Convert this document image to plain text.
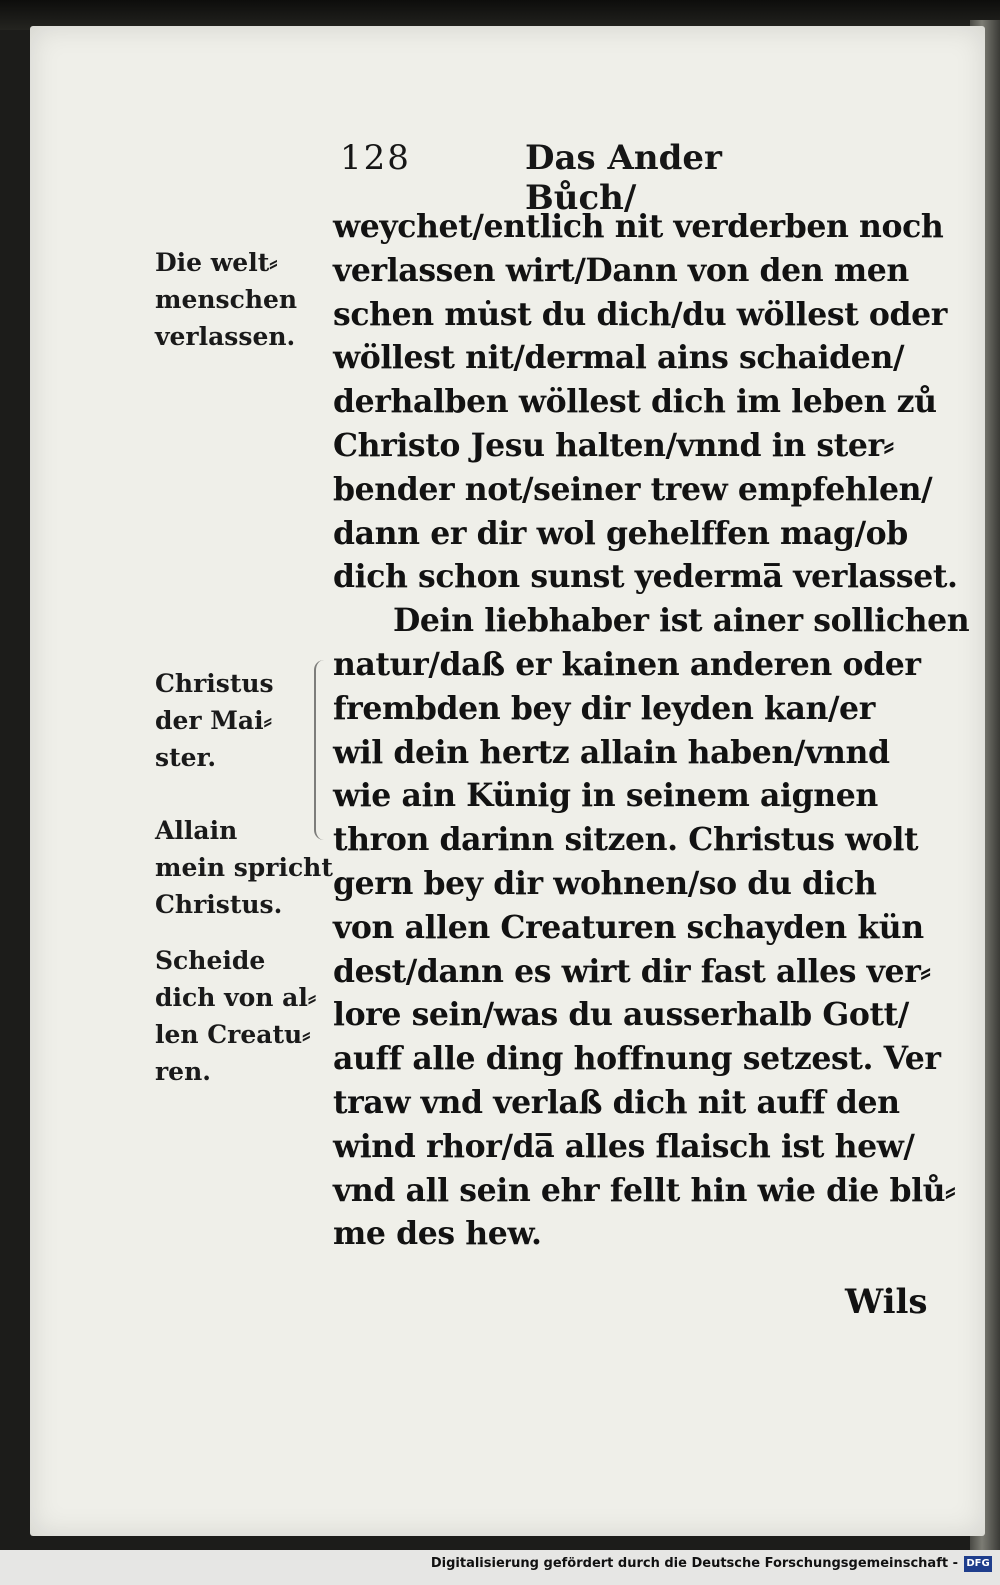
128	Das Ander Bůch/
weychet/entlich nit verderben noch
verlassen wirt/Dann von den men
schen mu̇st du dich/du wöllest oder
wöllest nit/dermal ains schaiden/
derhalben wöllest dich im leben zů
Christo Jesu halten/vnnd in ster⸗
bender not/seiner trew empfehlen/
dann er dir wol gehelffen mag/ob
dich schon sunst yederma̅ verlasset.
Dein liebhaber ist ainer sollichen
natur/daß er kainen anderen oder
frembden bey dir leyden kan/er
wil dein hertz allain haben/vnnd
wie ain Künig in seinem aignen
thron darinn sitzen. Christus wolt
gern bey dir wohnen/so du dich
von allen Creaturen schayden kün
dest/dann es wirt dir fast alles ver⸗
lore sein/was du ausserhalb Gott/
auff alle ding hoffnung setzest. Ver
traw vnd verlaß dich nit auff den
wind rhor/da̅ alles flaisch ist hew/
vnd all sein ehr fellt hin wie die blů⸗
me des hew.
Die welt⸗
menschen
verlassen.
Christus
der Mai⸗
ster.
Allain
mein spricht
Christus.
Scheide
dich von al⸗
len Creatu⸗
ren.
Wils
Digitalisierung gefördert durch die Deutsche Forschungsgemeinschaft - DFG
